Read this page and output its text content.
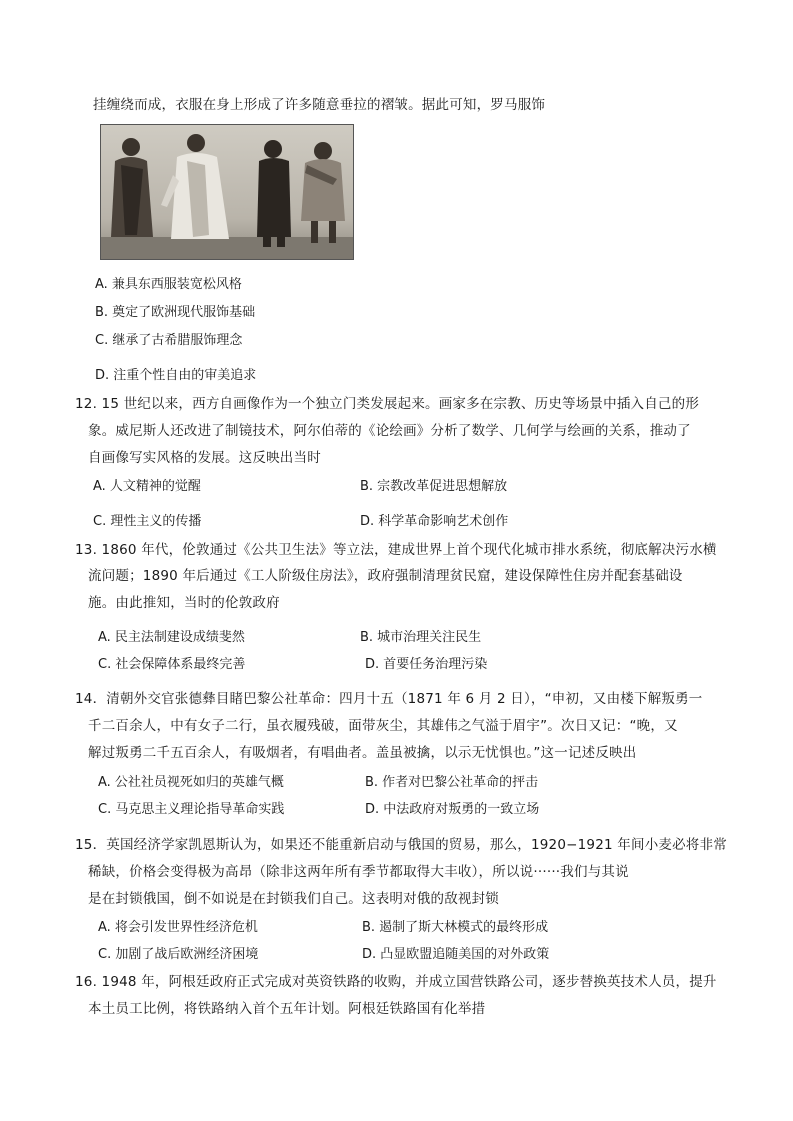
挂缠绕而成，衣服在身上形成了许多随意垂拉的褶皱。据此可知，罗马服饰
A. 兼具东西服装宽松风格
B. 奠定了欧洲现代服饰基础
C. 继承了古希腊服饰理念
D. 注重个性自由的审美追求
12. 15 世纪以来，西方自画像作为一个独立门类发展起来。画家多在宗教、历史等场景中插入自己的形
象。威尼斯人还改进了制镜技术，阿尔伯蒂的《论绘画》分析了数学、几何学与绘画的关系，推动了
自画像写实风格的发展。这反映出当时
A. 人文精神的觉醒	B. 宗教改革促进思想解放
C. 理性主义的传播	D. 科学革命影响艺术创作
13. 1860 年代，伦敦通过《公共卫生法》等立法，建成世界上首个现代化城市排水系统，彻底解决污水横
流问题；1890 年后通过《工人阶级住房法》，政府强制清理贫民窟，建设保障性住房并配套基础设
施。由此推知，当时的伦敦政府
A. 民主法制建设成绩斐然	B. 城市治理关注民生
C. 社会保障体系最终完善	D. 首要任务治理污染
14．清朝外交官张德彝目睹巴黎公社革命：四月十五（1871 年 6 月 2 日），“申初，又由楼下解叛勇一
千二百余人，中有女子二行，虽衣履残破，面带灰尘，其雄伟之气溢于眉宇”。次日又记：“晚，又
解过叛勇二千五百余人，有吸烟者，有唱曲者。盖虽被擒，以示无忧惧也。”这一记述反映出
A. 公社社员视死如归的英雄气概	B. 作者对巴黎公社革命的抨击
C. 马克思主义理论指导革命实践	D. 中法政府对叛勇的一致立场
15．英国经济学家凯恩斯认为，如果还不能重新启动与俄国的贸易，那么，1920−1921 年间小麦必将非常
稀缺，价格会变得极为高昂（除非这两年所有季节都取得大丰收），所以说······我们与其说
是在封锁俄国，倒不如说是在封锁我们自己。这表明对俄的敌视封锁
A. 将会引发世界性经济危机	B. 遏制了斯大林模式的最终形成
C. 加剧了战后欧洲经济困境	D. 凸显欧盟追随美国的对外政策
16. 1948 年，阿根廷政府正式完成对英资铁路的收购，并成立国营铁路公司，逐步替换英技术人员，提升
本土员工比例，将铁路纳入首个五年计划。阿根廷铁路国有化举措
